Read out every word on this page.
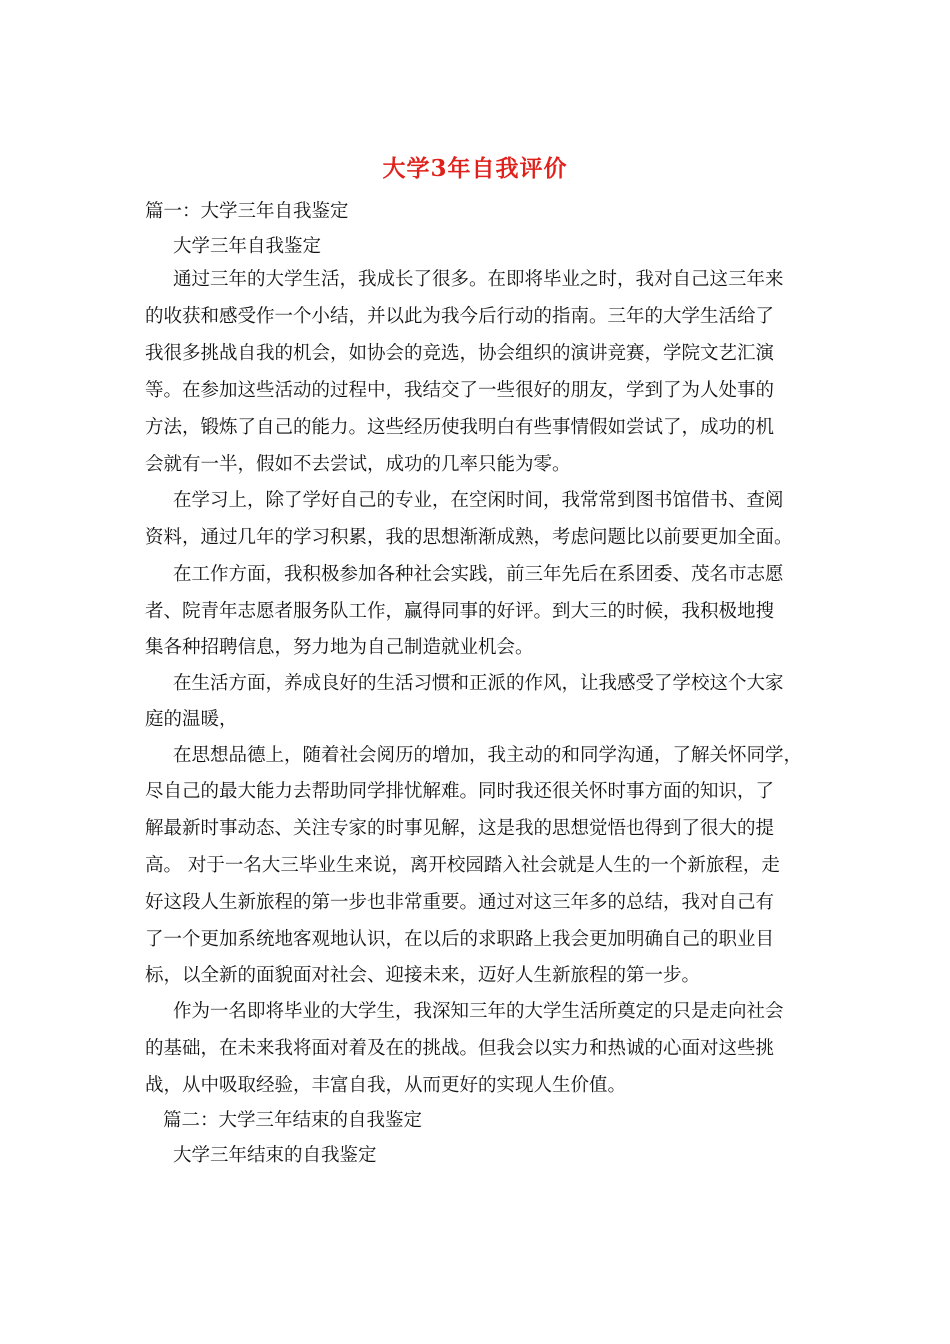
大学3年自我评价
篇一：大学三年自我鉴定
大学三年自我鉴定
通过三年的大学生活，我成长了很多。在即将毕业之时，我对自己这三年来
的收获和感受作一个小结，并以此为我今后行动的指南。三年的大学生活给了
我很多挑战自我的机会，如协会的竞选，协会组织的演讲竞赛，学院文艺汇演
等。在参加这些活动的过程中，我结交了一些很好的朋友，学到了为人处事的
方法，锻炼了自己的能力。这些经历使我明白有些事情假如尝试了，成功的机
会就有一半，假如不去尝试，成功的几率只能为零。
在学习上，除了学好自己的专业，在空闲时间，我常常到图书馆借书、查阅
资料，通过几年的学习积累，我的思想渐渐成熟，考虑问题比以前要更加全面。
在工作方面，我积极参加各种社会实践，前三年先后在系团委、茂名市志愿
者、院青年志愿者服务队工作，赢得同事的好评。到大三的时候，我积极地搜
集各种招聘信息，努力地为自己制造就业机会。
在生活方面，养成良好的生活习惯和正派的作风，让我感受了学校这个大家
庭的温暖，
在思想品德上，随着社会阅历的增加，我主动的和同学沟通，了解关怀同学，
尽自己的最大能力去帮助同学排忧解难。同时我还很关怀时事方面的知识，了
解最新时事动态、关注专家的时事见解，这是我的思想觉悟也得到了很大的提
高。 对于一名大三毕业生来说，离开校园踏入社会就是人生的一个新旅程，走
好这段人生新旅程的第一步也非常重要。通过对这三年多的总结，我对自己有
了一个更加系统地客观地认识，在以后的求职路上我会更加明确自己的职业目
标，以全新的面貌面对社会、迎接未来，迈好人生新旅程的第一步。
作为一名即将毕业的大学生，我深知三年的大学生活所奠定的只是走向社会
的基础，在未来我将面对着及在的挑战。但我会以实力和热诚的心面对这些挑
战，从中吸取经验，丰富自我，从而更好的实现人生价值。
篇二：大学三年结束的自我鉴定
大学三年结束的自我鉴定
